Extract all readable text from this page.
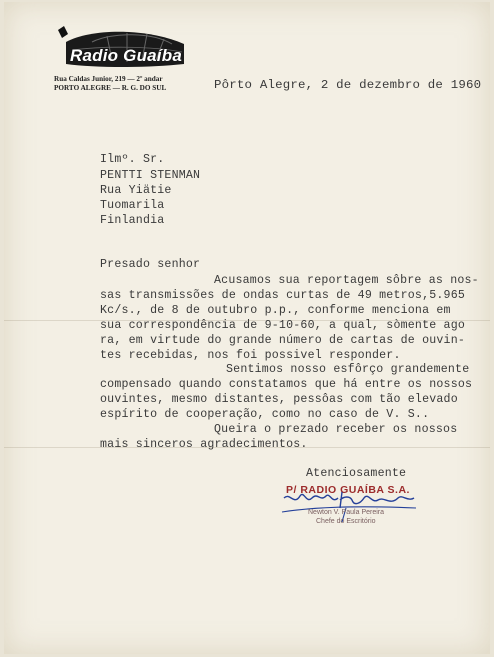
Radio Guaíba
Rua Caldas Junior, 219 — 2º andar
PORTO ALEGRE — R. G. DO SUL	Pôrto Alegre, 2 de dezembro de 1960
Ilmº. Sr.
PENTTI STENMAN
Rua Yiätie
Tuomarila
Finlandia
Presado senhor
Acusamos sua reportagem sôbre as nos-
sas transmissões de ondas curtas de 49 metros,5.965
Kc/s., de 8 de outubro p.p., conforme menciona em
sua correspondência de 9-10-60, a qual, sòmente ago
ra, em virtude do grande número de cartas de ouvin-
tes recebidas, nos foi possivel responder.
Sentimos nosso esfôrço grandemente
compensado quando constatamos que há entre os nossos
ouvintes, mesmo distantes, pessôas com tão elevado
espírito de cooperação, como no caso de V. S..
Queira o prezado receber os nossos
mais sinceros agradecimentos.
Atenciosamente
P/ RADIO GUAÍBA S.A.
Newton V. Paula Pereira
Chefe do Escritório
